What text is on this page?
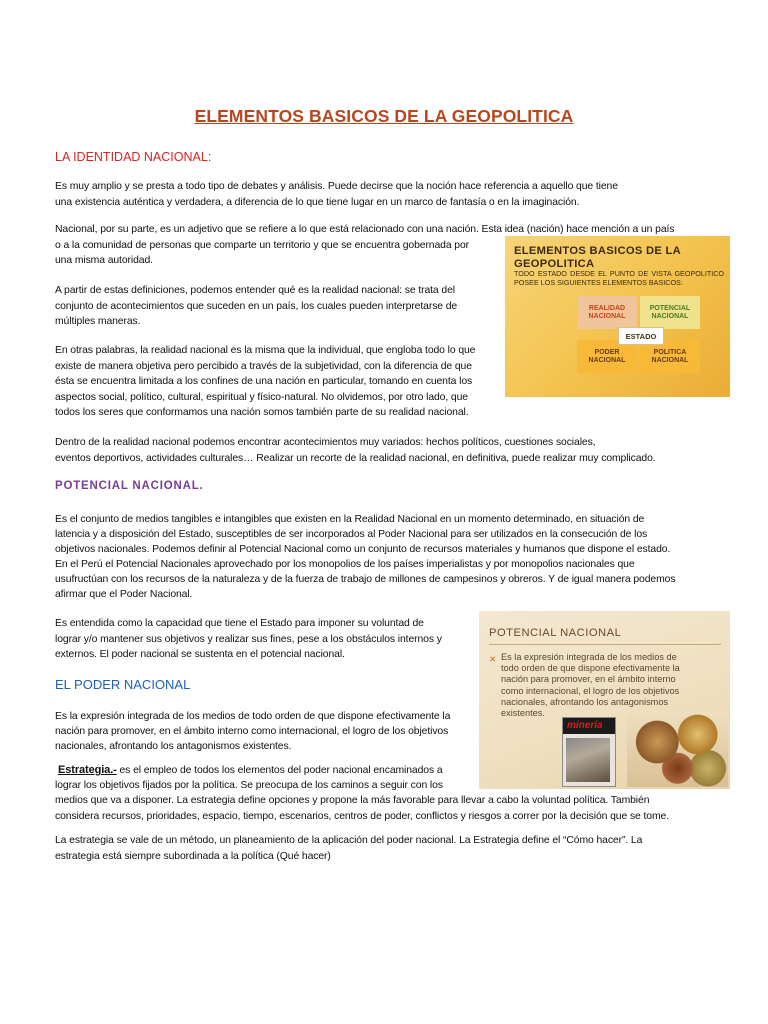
ELEMENTOS BASICOS DE LA GEOPOLITICA
LA IDENTIDAD NACIONAL:

Es muy amplio y se presta a todo tipo de debates y análisis. Puede decirse que la noción hace referencia a aquello que tiene

una existencia auténtica y verdadera, a diferencia de lo que tiene lugar en un marco de fantasía o en la imaginación.

Nacional, por su parte, es un adjetivo que se refiere a lo que está relacionado con una nación. Esta idea (nación) hace mención a un país

o a la comunidad de personas que comparte un territorio y que se encuentra gobernada por

una misma autoridad.

A partir de estas definiciones, podemos entender qué es la realidad nacional: se trata del

conjunto de acontecimientos que suceden en un país, los cuales pueden interpretarse de

múltiples maneras.

En otras palabras, la realidad nacional es la misma que la individual, que engloba todo lo que

existe de manera objetiva pero percibido a través de la subjetividad, con la diferencia de que

ésta se encuentra limitada a los confines de una nación en particular, tomando en cuenta los

aspectos social, político, cultural, espiritual y físico-natural. No olvidemos, por otro lado, que

todos los seres que conformamos una nación somos también parte de su realidad nacional.

Dentro de la realidad nacional podemos encontrar acontecimientos muy variados: hechos políticos, cuestiones sociales,

eventos deportivos, actividades culturales… Realizar un recorte de la realidad nacional, en definitiva, puede realizar muy complicado.

ELEMENTOS BASICOS DE LA
GEOPOLITICA
TODO ESTADO DESDE EL PUNTO DE VISTA GEOPOLITICO POSEE LOS SIGUIENTES ELEMENTOS BASICOS:
REALIDAD
NACIONAL
POTENCIAL
NACIONAL
PODER
NACIONAL
POLITICA
NACIONAL
ESTADO
POTENCIAL NACIONAL.

Es el conjunto de medios tangibles e intangibles que existen en la Realidad Nacional en un momento determinado, en situación de

latencia y a disposición del Estado, susceptibles de ser incorporados al Poder Nacional para ser utilizados en la consecución de los

objetivos nacionales. Podemos definir al Potencial Nacional como un conjunto de recursos materiales y humanos que dispone el estado.

En el Perú el Potencial Nacionales aprovechado por los monopolios de los países imperialistas y por monopolios nacionales que

usufructúan con los recursos de la naturaleza y de la fuerza de trabajo de millones de campesinos y obreros. Y de igual manera podemos

afirmar que el Poder Nacional.

Es entendida como la capacidad que tiene el Estado para imponer su voluntad de

lograr y/o mantener sus objetivos y realizar sus fines, pese a los obstáculos internos y

externos. El poder nacional se sustenta en el potencial nacional.

POTENCIAL NACIONAL
✕ Es la expresión integrada de los medios de
todo orden de que dispone efectivamente la
nación para promover, en el ámbito interno
como internacional, el logro de los objetivos
nacionales, afrontando los antagonismos
existentes.
minería
EL PODER NACIONAL

Es la expresión integrada de los medios de todo orden de que dispone efectivamente la

nación para promover, en el ámbito interno como internacional, el logro de los objetivos

nacionales, afrontando los antagonismos existentes.

Estrategia.- es el empleo de todos los elementos del poder nacional encaminados a

lograr los objetivos fijados por la política. Se preocupa de los caminos a seguir con los

medios que va a disponer. La estrategia define opciones y propone la más favorable para llevar a cabo la voluntad política. También

considera recursos, prioridades, espacio, tiempo, escenarios, centros de poder, conflictos y riesgos a correr por la decisión que se tome.

La estrategia se vale de un método, un planeamiento de la aplicación del poder nacional. La Estrategia define el “Cómo hacer”. La

estrategia está siempre subordinada a la política (Qué hacer)
